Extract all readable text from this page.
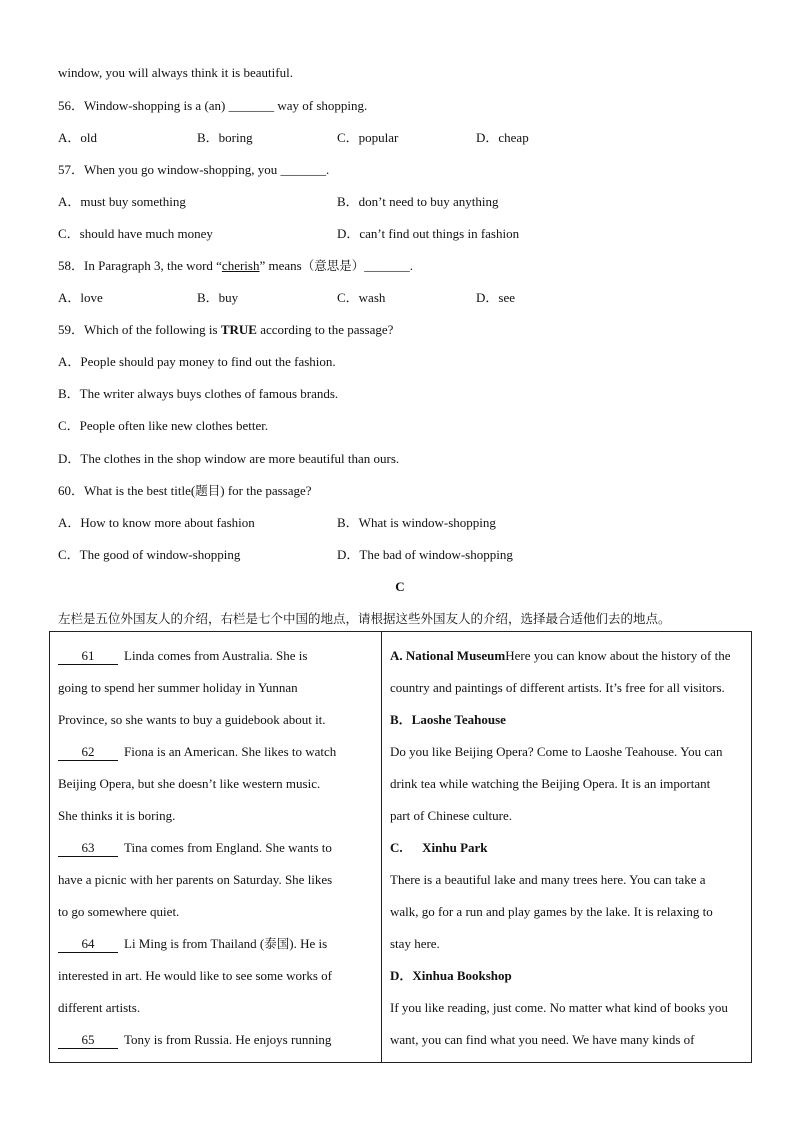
window, you will always think it is beautiful.
56．Window-shopping is a (an) _______ way of shopping.
A．old	B．boring	C．popular	D．cheap
57．When you go window-shopping, you _______.
A．must buy something	B．don’t need to buy anything
C．should have much money	D．can’t find out things in fashion
58．In Paragraph 3, the word “cherish” means（意思是）_______.
A．love	B．buy	C．wash	D．see
59．Which of the following is TRUE according to the passage?
A．People should pay money to find out the fashion.
B．The writer always buys clothes of famous brands.
C．People often like new clothes better.
D．The clothes in the shop window are more beautiful than ours.
60．What is the best title(题目) for the passage?
A．How to know more about fashion	B．What is window-shopping
C．The good of window-shopping	D．The bad of window-shopping
C
左栏是五位外国友人的介绍，右栏是七个中国的地点，请根据这些外国友人的介绍，选择最合适他们去的地点。
61 Linda comes from Australia. She is
going to spend her summer holiday in Yunnan
Province, so she wants to buy a guidebook about it.
62 Fiona is an American. She likes to watch
Beijing Opera, but she doesn’t like western music.
She thinks it is boring.
63 Tina comes from England. She wants to
have a picnic with her parents on Saturday. She likes
to go somewhere quiet.
64 Li Ming is from Thailand (泰国). He is
interested in art. He would like to see some works of
different artists.
65 Tony is from Russia. He enjoys running

A. National MuseumHere you can know about the history of the
country and paintings of different artists. It’s free for all visitors.
B．Laoshe Teahouse
Do you like Beijing Opera? Come to Laoshe Teahouse. You can
drink tea while watching the Beijing Opera. It is an important
part of Chinese culture.
C.      Xinhu Park
There is a beautiful lake and many trees here. You can take a
walk, go for a run and play games by the lake. It is relaxing to
stay here.
D．Xinhua Bookshop
If you like reading, just come. No matter what kind of books you
want, you can find what you need. We have many kinds of
